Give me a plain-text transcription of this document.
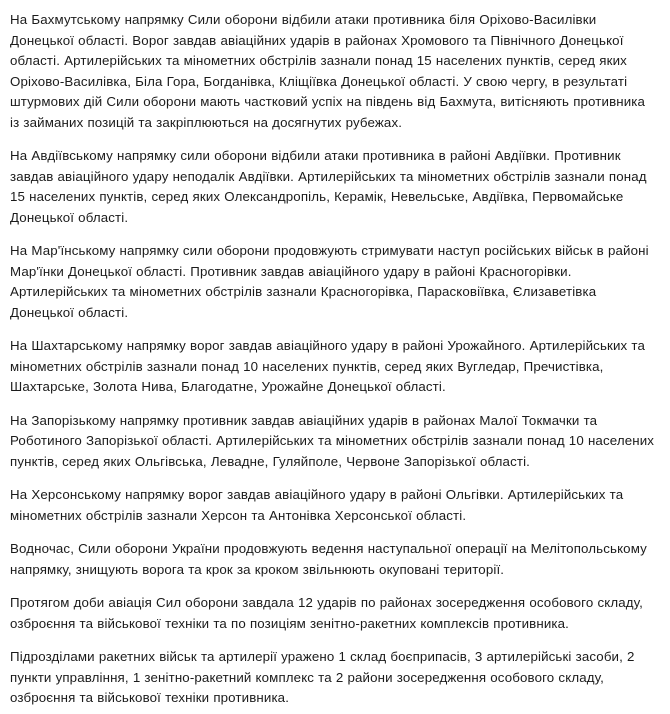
На Бахмутському напрямку Сили оборони відбили атаки противника біля Оріхово-Василівки Донецької області. Ворог завдав авіаційних ударів в районах Хромового та Північного Донецької області. Артилерійських та мінометних обстрілів зазнали понад 15 населених пунктів, серед яких Оріхово-Василівка, Біла Гора, Богданівка, Кліщіївка Донецької області. У свою чергу, в результаті штурмових дій Сили оборони мають частковий успіх на південь від Бахмута, витісняють противника із займаних позицій та закріплюються на досягнутих рубежах.

На Авдіївському напрямку сили оборони відбили атаки противника в районі Авдіївки. Противник завдав авіаційного удару неподалік Авдіївки. Артилерійських та мінометних обстрілів зазнали понад 15 населених пунктів, серед яких Олександропіль, Керамік, Невельське, Авдіївка, Первомайське Донецької області.

На Мар'їнському напрямку сили оборони продовжують стримувати наступ російських військ в районі Мар'їнки Донецької області. Противник завдав авіаційного удару в районі Красногорівки. Артилерійських та мінометних обстрілів зазнали Красногорівка, Парасковіївка, Єлизаветівка Донецької області.

На Шахтарському напрямку ворог завдав авіаційного удару в районі Урожайного. Артилерійських та мінометних обстрілів зазнали понад 10 населених пунктів, серед яких Вугледар, Пречистівка, Шахтарське, Золота Нива, Благодатне, Урожайне Донецької області.

На Запорізькому напрямку противник завдав авіаційних ударів в районах Малої Токмачки та Роботиного Запорізької області. Артилерійських та мінометних обстрілів зазнали понад 10 населених пунктів, серед яких Ольгівська, Левадне, Гуляйполе, Червоне Запорізької області.

На Херсонському напрямку ворог завдав авіаційного удару в районі Ольгівки. Артилерійських та мінометних обстрілів зазнали Херсон та Антонівка Херсонської області.

Водночас, Сили оборони України продовжують ведення наступальної операції на Мелітопольському напрямку, знищують ворога та крок за кроком звільнюють окуповані території.

Протягом доби авіація Сил оборони завдала 12 ударів по районах зосередження особового складу, озброєння та військової техніки та по позиціям зенітно-ракетних комплексів противника.

Підрозділами ракетних військ та артилерії уражено 1 склад боєприпасів, 3 артилерійські засоби, 2 пункти управління, 1 зенітно-ракетний комплекс та 2 райони зосередження особового складу, озброєння та військової техніки противника.
